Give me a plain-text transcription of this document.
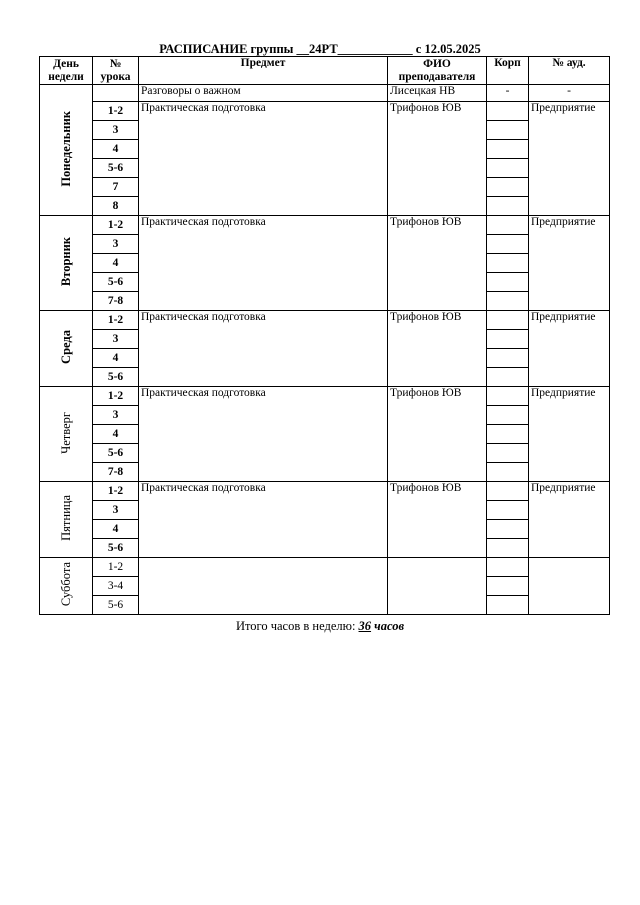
РАСПИСАНИЕ группы __24РТ____________ с 12.05.2025
День недели	№ урока	Предмет	ФИО преподавателя	Корп	№ ауд.
Понедельник		Разговоры о важном	Лисецкая НВ	-	-
	1-2	Практическая подготовка	Трифонов ЮВ		Предприятие
	3				
	4				
	5-6				
	7				
	8				
Вторник	1-2	Практическая подготовка	Трифонов ЮВ		Предприятие
	3				
	4				
	5-6				
	7-8				
Среда	1-2	Практическая подготовка	Трифонов ЮВ		Предприятие
	3				
	4				
	5-6				
Четверг	1-2	Практическая подготовка	Трифонов ЮВ		Предприятие
	3				
	4				
	5-6				
	7-8				
Пятница	1-2	Практическая подготовка	Трифонов ЮВ		Предприятие
	3				
	4				
	5-6				
Суббота	1-2				
	3-4				
	5-6				
Итого часов в неделю: 36 часов
